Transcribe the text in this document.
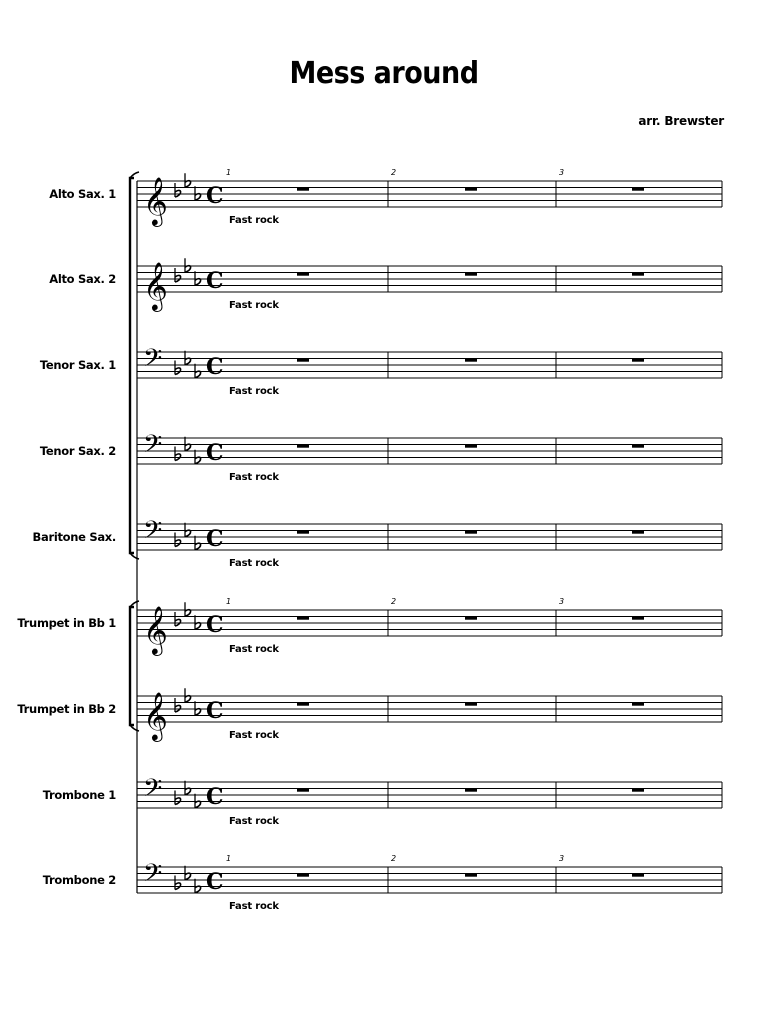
Mess around
arr. Brewster
𝄞 C
𝄞 C
𝄢 C
𝄢 C
𝄢 C
𝄞 C
𝄞 C
𝄢 C
𝄢 C
Alto Sax. 1
Fast rock
Alto Sax. 2
Fast rock
Tenor Sax. 1
Fast rock
Tenor Sax. 2
Fast rock
Baritone Sax.
Fast rock
Trumpet in Bb 1
Fast rock
Trumpet in Bb 2
Fast rock
Trombone 1
Fast rock
Trombone 2
Fast rock
1	2	3
1	2	3
1	2	3
